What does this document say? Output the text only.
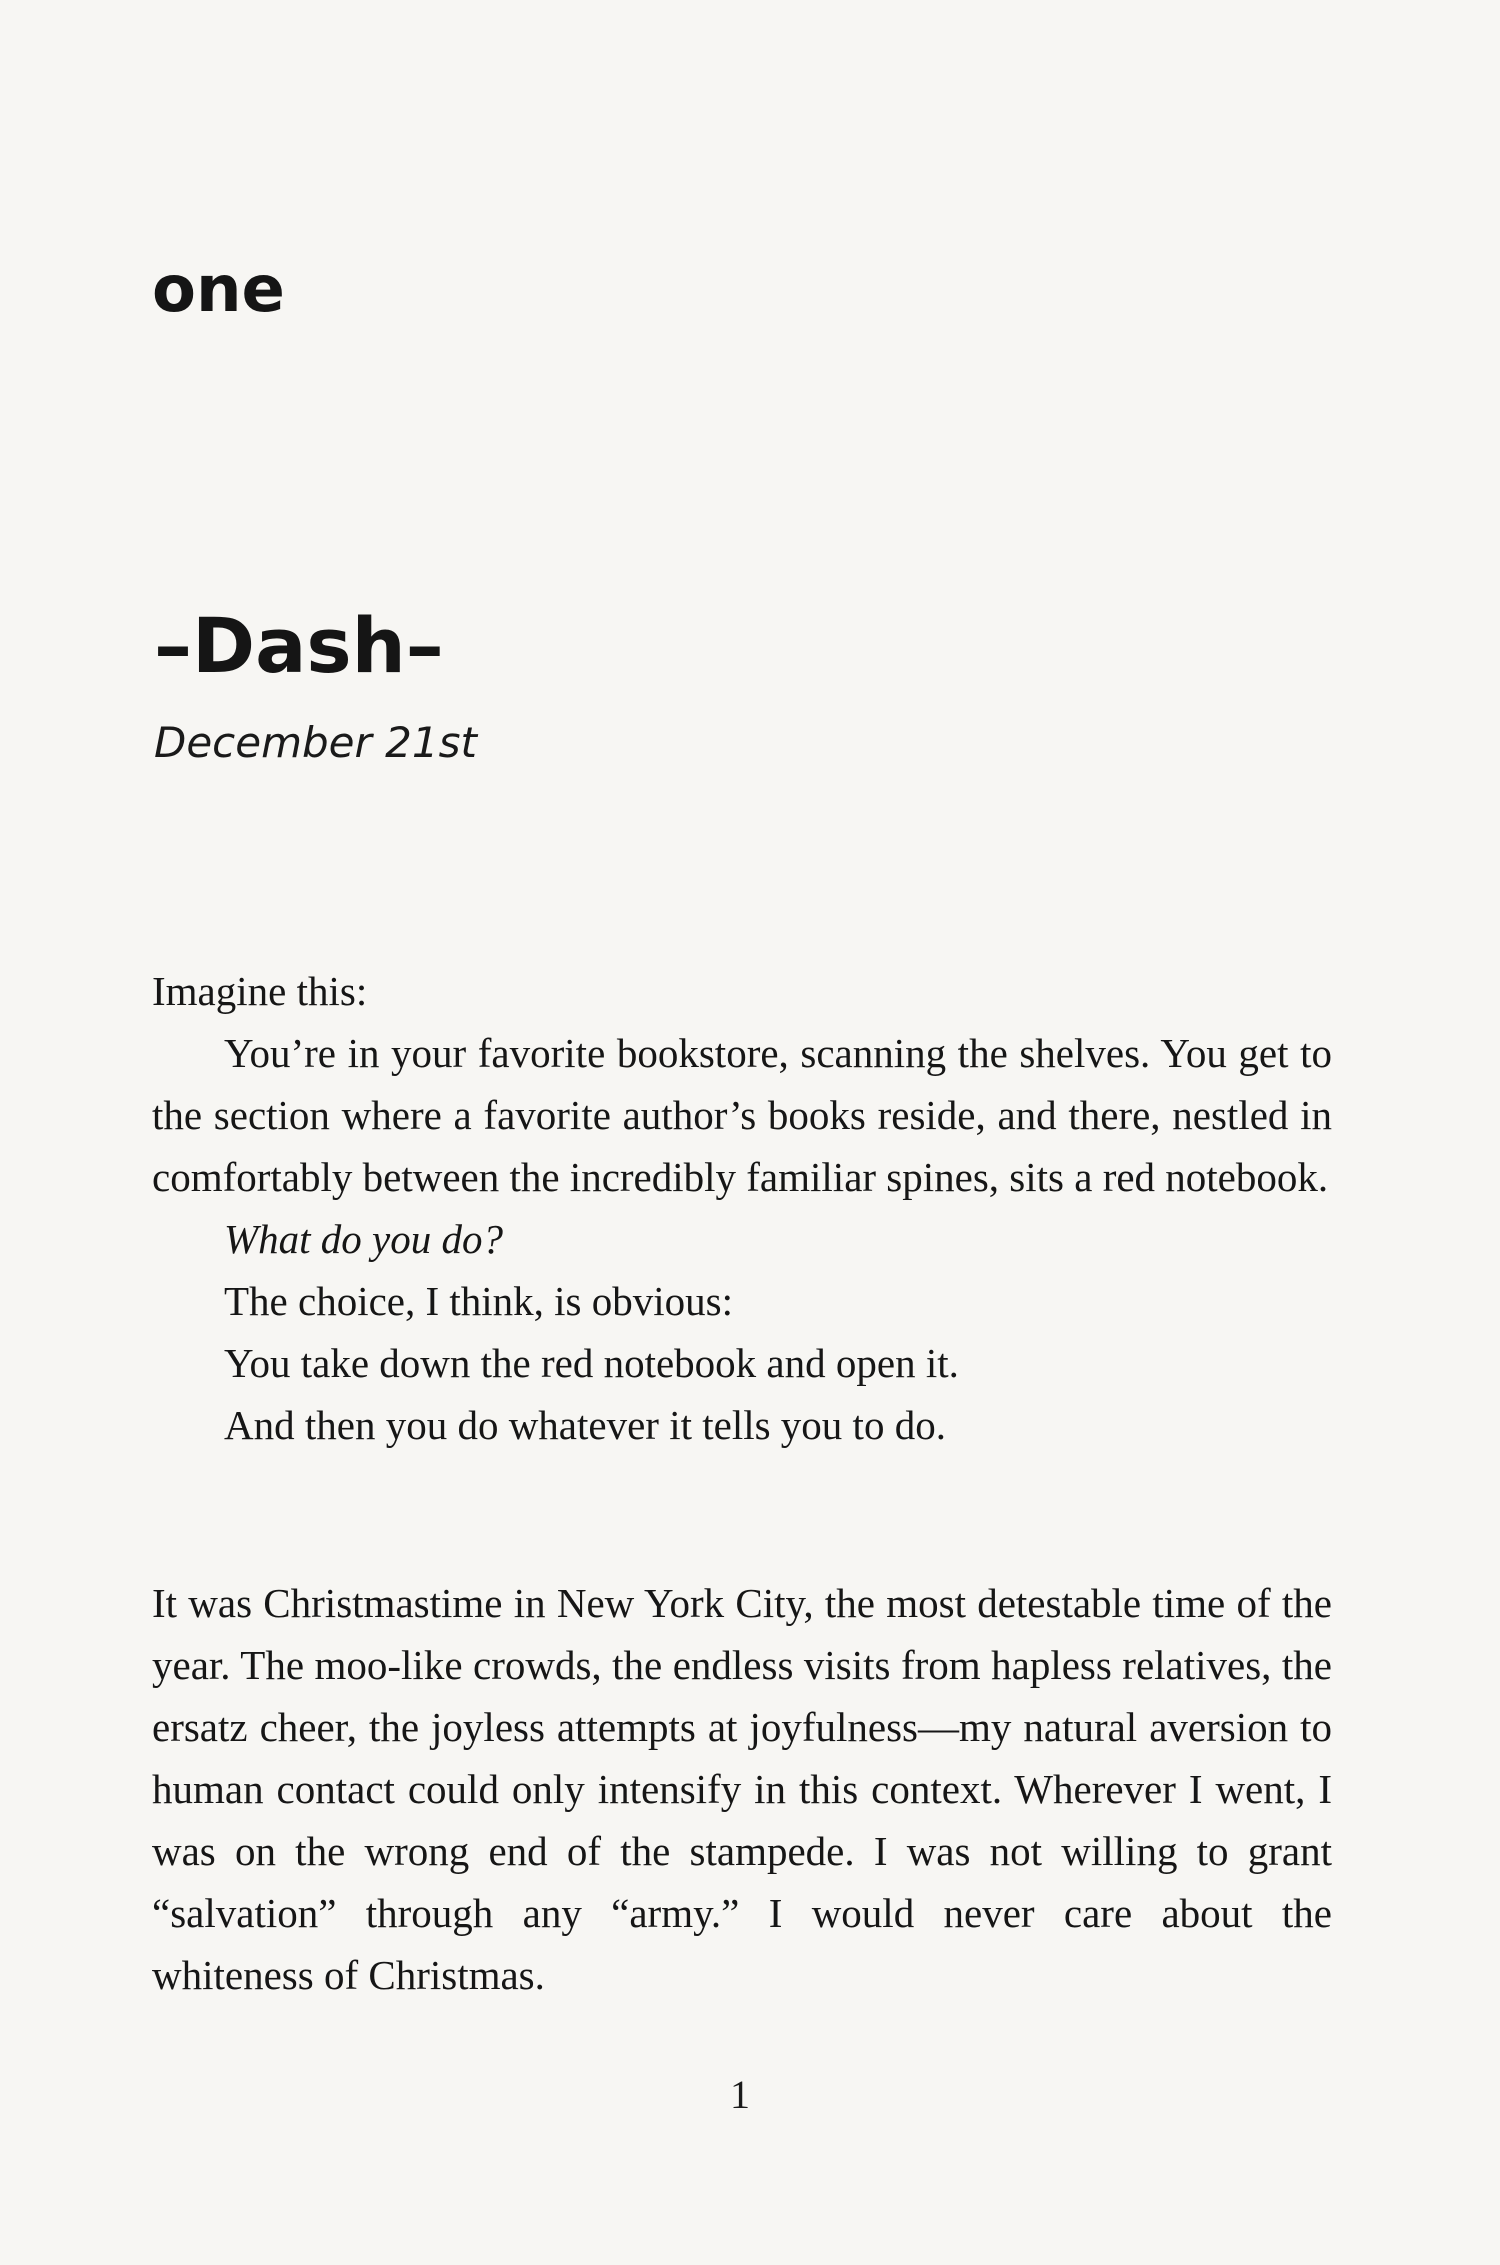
one
–Dash–
December 21st

Imagine this:

You’re in your favorite bookstore, scanning the shelves. You get to the section where a favorite author’s books reside, and there, nestled in comfortably between the incredibly familiar spines, sits a red notebook.

What do you do?

The choice, I think, is obvious:

You take down the red notebook and open it.

And then you do whatever it tells you to do.

It was Christmastime in New York City, the most detestable time of the year. The moo-like crowds, the endless visits from hapless relatives, the ersatz cheer, the joyless attempts at joyfulness—my natural aversion to human contact could only intensify in this context. Wherever I went, I was on the wrong end of the stampede. I was not willing to grant “salvation” through any “army.” I would never care about the whiteness of Christmas.

1
